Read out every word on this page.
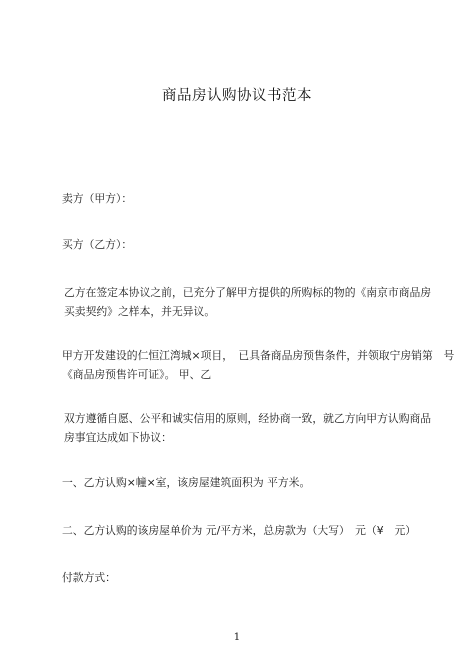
商品房认购协议书范本
卖方（甲方）：
买方（乙方）：
乙方在签定本协议之前，已充分了解甲方提供的所购标的物的《南京市商品房买卖契约》之样本，并无异议。
甲方开发建设的仁恒江湾城×项目，　已具备商品房预售条件，并领取宁房销第　号
《商品房预售许可证》。 甲、乙
双方遵循自愿、公平和诚实信用的原则，经协商一致，就乙方向甲方认购商品房事宜达成如下协议：
一、乙方认购×幢×室，该房屋建筑面积为 平方米。
二、乙方认购的该房屋单价为 元/平方米，总房款为（大写）　元（¥　元）
付款方式：
1
